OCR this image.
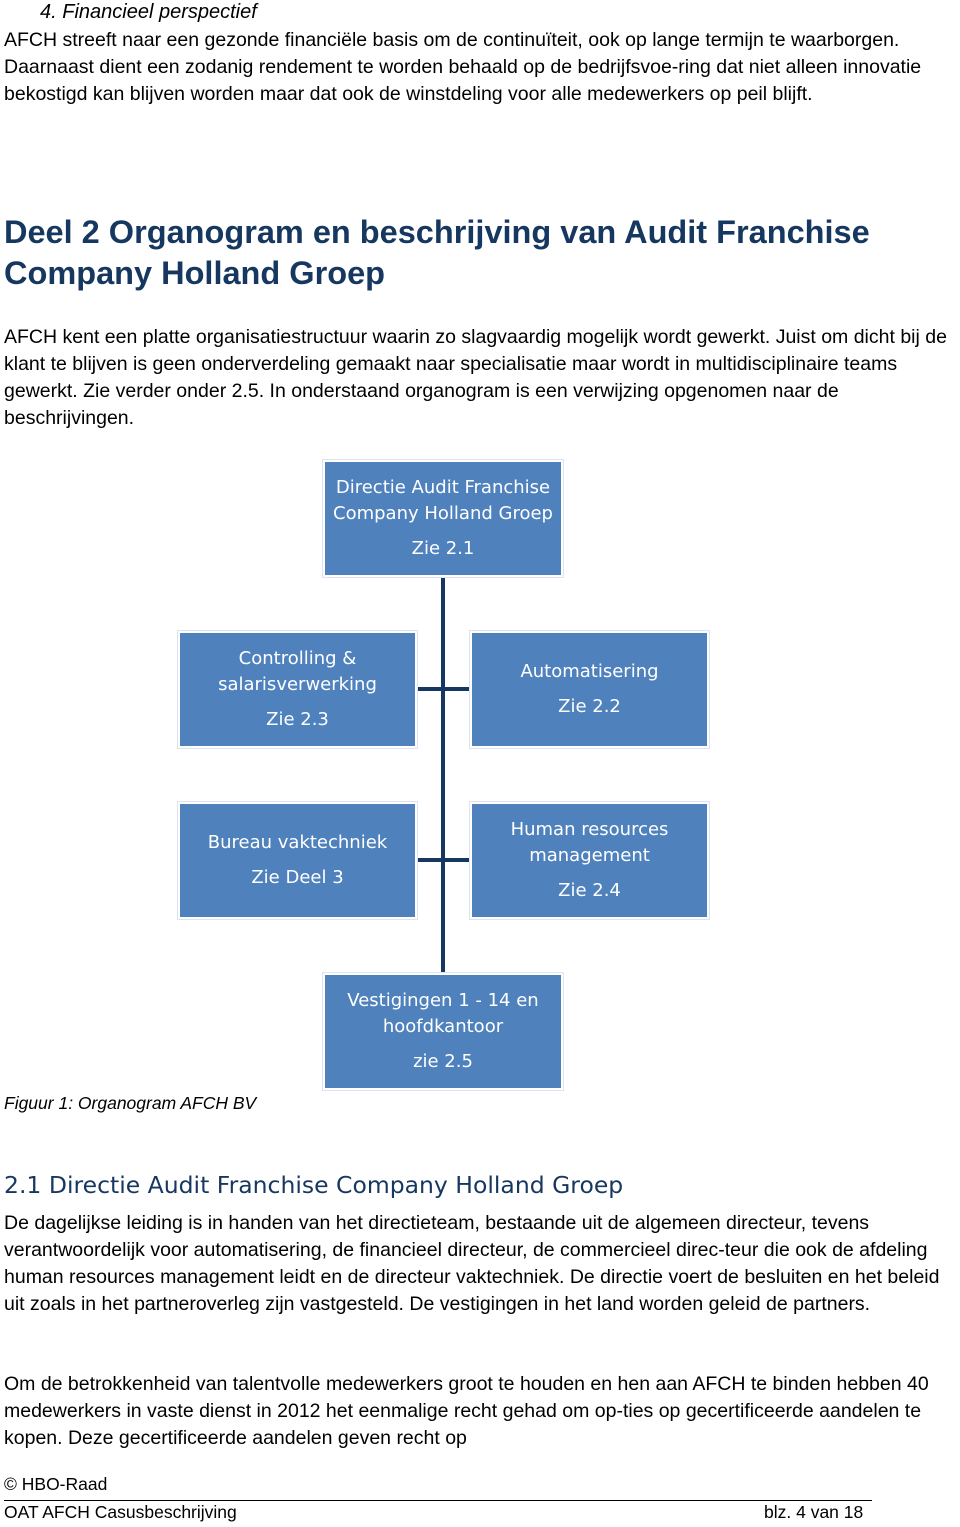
4. Financieel perspectief
AFCH streeft naar een gezonde financiële basis om de continuïteit, ook op lange termijn te waarborgen. Daarnaast dient een zodanig rendement te worden behaald op de bedrijfsvoe-ring dat niet alleen innovatie bekostigd kan blijven worden maar dat ook de winstdeling voor alle medewerkers op peil blijft.
Deel 2 Organogram en beschrijving van Audit Franchise Company Holland Groep
AFCH kent een platte organisatiestructuur waarin zo slagvaardig mogelijk wordt gewerkt. Juist om dicht bij de klant te blijven is geen onderverdeling gemaakt naar specialisatie maar wordt in multidisciplinaire teams gewerkt. Zie verder onder 2.5. In onderstaand organogram is een verwijzing opgenomen naar de beschrijvingen.
Directie Audit Franchise Company Holland Groep
Zie 2.1
Controlling & salarisverwerking
Zie 2.3
Automatisering
Zie 2.2
Bureau vaktechniek
Zie Deel 3
Human resources management
Zie 2.4
Vestigingen 1 - 14 en hoofdkantoor
zie 2.5
Figuur 1: Organogram AFCH BV
2.1 Directie Audit Franchise Company Holland Groep
De dagelijkse leiding is in handen van het directieteam, bestaande uit de algemeen directeur, tevens verantwoordelijk voor automatisering, de financieel directeur, de commercieel direc-teur die ook de afdeling human resources management leidt en de directeur vaktechniek. De directie voert de besluiten en het beleid uit zoals in het partneroverleg zijn vastgesteld. De vestigingen in het land worden geleid de partners.
Om de betrokkenheid van talentvolle medewerkers groot te houden en hen aan AFCH te binden hebben 40 medewerkers in vaste dienst in 2012 het eenmalige recht gehad om op-ties op gecertificeerde aandelen te kopen. Deze gecertificeerde aandelen geven recht op
© HBO-Raad
OAT AFCH Casusbeschrijving	blz. 4 van 18
